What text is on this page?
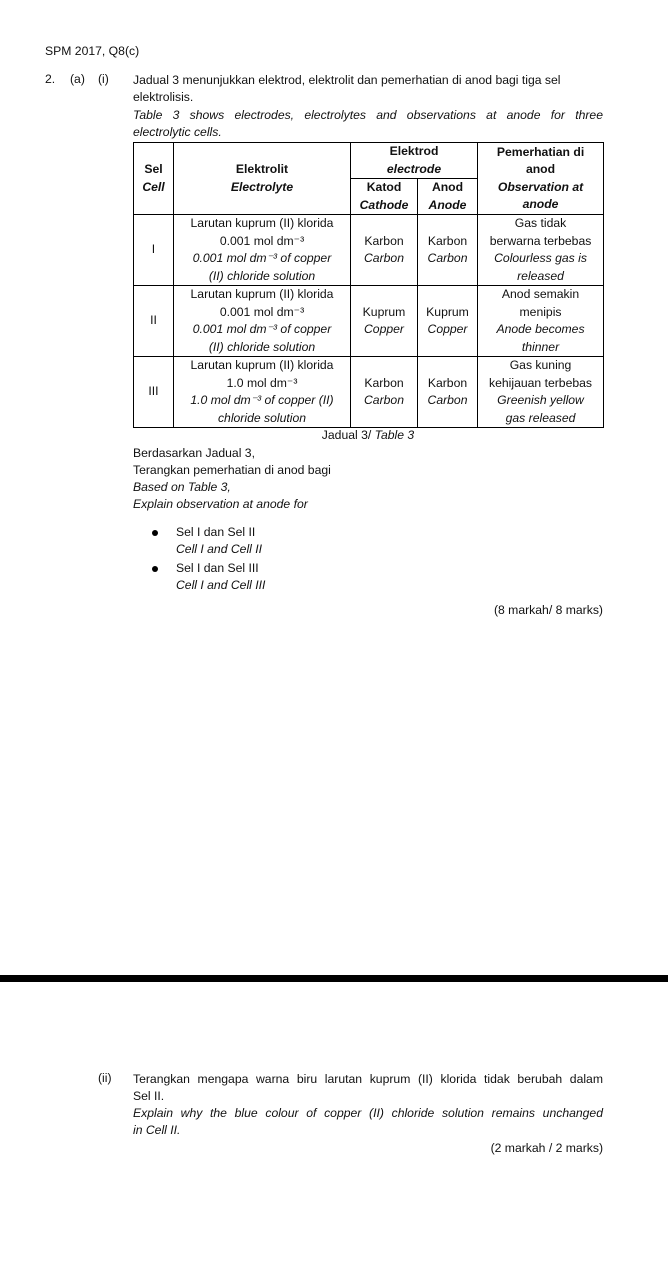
SPM 2017, Q8(c)
2. (a) (i) Jadual 3 menunjukkan elektrod, elektrolit dan pemerhatian di anod bagi tiga sel

elektrolisis.

Table 3 shows electrodes, electrolytes and observations at anode for three

electrolytic cells.

Sel
Cell	Elektrolit
Electrolyte	Elektrod
electrode		Pemerhatian di
anod
Observation at
anode

		Katod
Cathode	Anod
Anode	

I	Larutan kuprum (II) klorida
0.001 mol dm⁻³
0.001 mol dm⁻³ of copper
(II) chloride solution	Karbon
Carbon	Karbon
Carbon	Gas tidak
berwarna terbebas
Colourless gas is
released

II	Larutan kuprum (II) klorida
0.001 mol dm⁻³
0.001 mol dm⁻³ of copper
(II) chloride solution	Kuprum
Copper	Kuprum
Copper	Anod semakin
menipis
Anode becomes
thinner

III	Larutan kuprum (II) klorida
1.0 mol dm⁻³
1.0 mol dm⁻³ of copper (II)
chloride solution	Karbon
Carbon	Karbon
Carbon	Gas kuning
kehijauan terbebas
Greenish yellow
gas released
Jadual 3/ Table 3

Berdasarkan Jadual 3,

Terangkan pemerhatian di anod bagi

Based on Table 3,

Explain observation at anode for

Sel I dan Sel II

Cell I and Cell II

Sel I dan Sel III

Cell I and Cell III

(8 markah/ 8 marks)
(ii) Terangkan mengapa warna biru larutan kuprum (II) klorida tidak berubah dalam

Sel II.

Explain why the blue colour of copper (II) chloride solution remains unchanged

in Cell II.

(2 markah / 2 marks)
